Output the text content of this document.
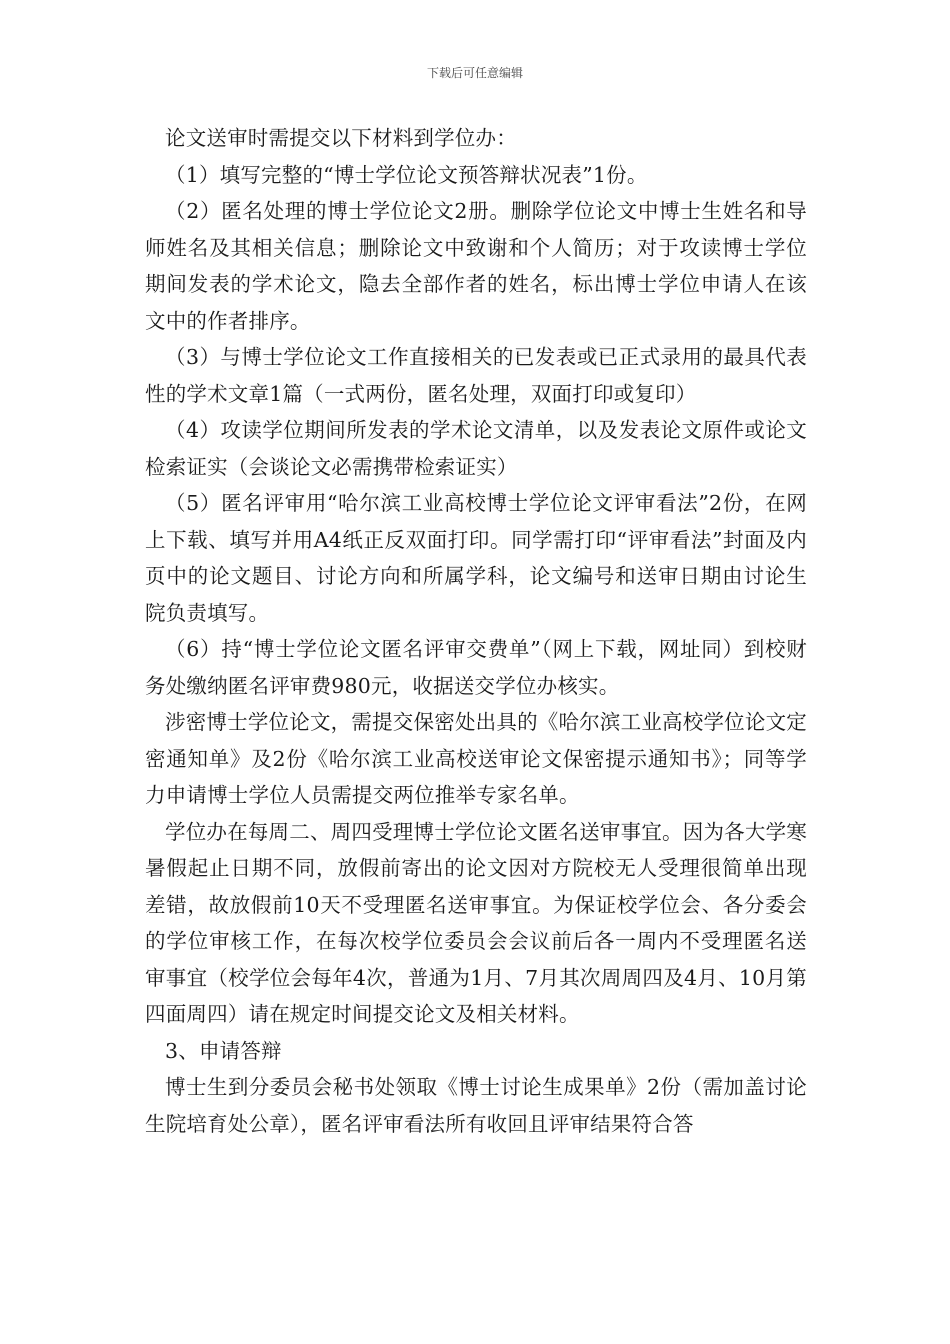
下载后可任意编辑

论文送审时需提交以下材料到学位办：

（1）填写完整的“博士学位论文预答辩状况表”1份。

（2）匿名处理的博士学位论文2册。删除学位论文中博士生姓名和导师姓名及其相关信息；删除论文中致谢和个人简历；对于攻读博士学位期间发表的学术论文，隐去全部作者的姓名，标出博士学位申请人在该文中的作者排序。

（3）与博士学位论文工作直接相关的已发表或已正式录用的最具代表性的学术文章1篇（一式两份，匿名处理，双面打印或复印）

（4）攻读学位期间所发表的学术论文清单，以及发表论文原件或论文检索证实（会谈论文必需携带检索证实）

（5）匿名评审用“哈尔滨工业高校博士学位论文评审看法”2份，在网上下载、填写并用A4纸正反双面打印。同学需打印“评审看法”封面及内页中的论文题目、讨论方向和所属学科，论文编号和送审日期由讨论生院负责填写。

（6）持“博士学位论文匿名评审交费单”（网上下载，网址同）到校财务处缴纳匿名评审费980元，收据送交学位办核实。

涉密博士学位论文，需提交保密处出具的《哈尔滨工业高校学位论文定密通知单》及2份《哈尔滨工业高校送审论文保密提示通知书》；同等学力申请博士学位人员需提交两位推举专家名单。

学位办在每周二、周四受理博士学位论文匿名送审事宜。因为各大学寒暑假起止日期不同，放假前寄出的论文因对方院校无人受理很简单出现差错，故放假前10天不受理匿名送审事宜。为保证校学位会、各分委会的学位审核工作，在每次校学位委员会会议前后各一周内不受理匿名送审事宜（校学位会每年4次，普通为1月、7月其次周周四及4月、10月第四面周四）请在规定时间提交论文及相关材料。

3、申请答辩

博士生到分委员会秘书处领取《博士讨论生成果单》2份（需加盖讨论生院培育处公章），匿名评审看法所有收回且评审结果符合答
